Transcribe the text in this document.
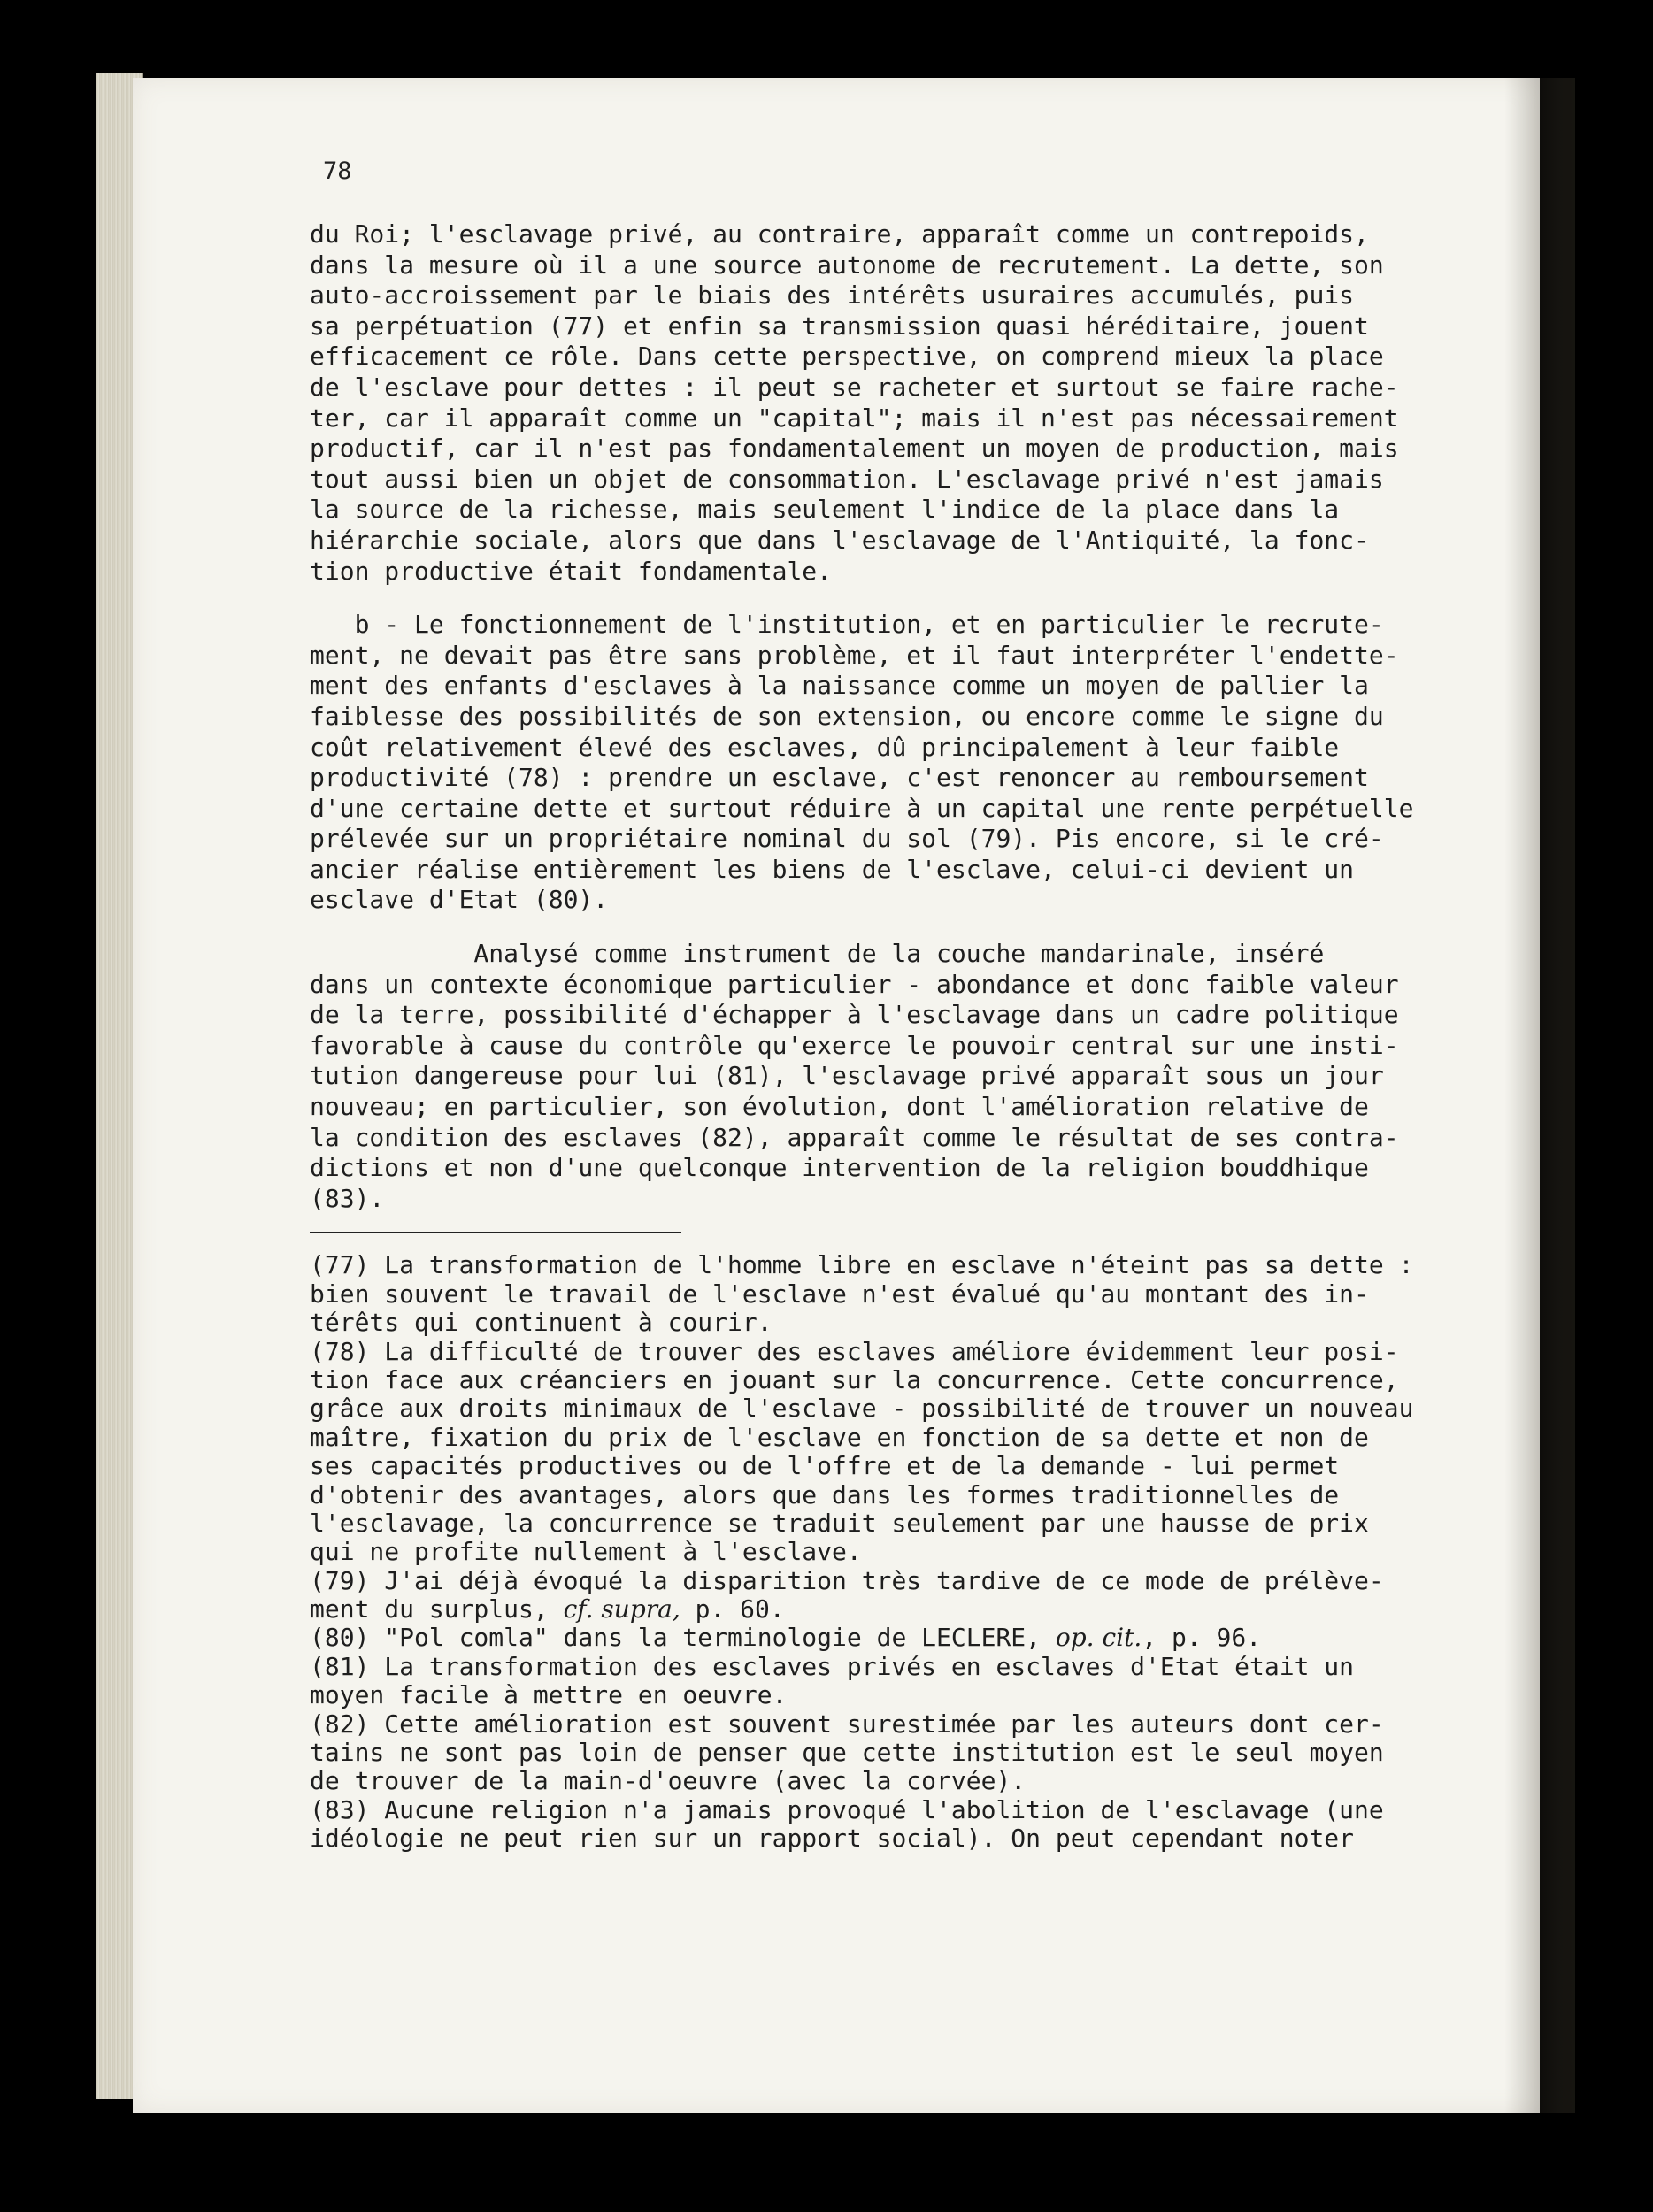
78
du Roi; l'esclavage privé, au contraire, apparaît comme un contrepoids,
dans la mesure où il a une source autonome de recrutement. La dette, son
auto-accroissement par le biais des intérêts usuraires accumulés, puis
sa perpétuation (77) et enfin sa transmission quasi héréditaire, jouent
efficacement ce rôle. Dans cette perspective, on comprend mieux la place
de l'esclave pour dettes : il peut se racheter et surtout se faire rache-
ter, car il apparaît comme un "capital"; mais il n'est pas nécessairement
productif, car il n'est pas fondamentalement un moyen de production, mais
tout aussi bien un objet de consommation. L'esclavage privé n'est jamais
la source de la richesse, mais seulement l'indice de la place dans la
hiérarchie sociale, alors que dans l'esclavage de l'Antiquité, la fonc-
tion productive était fondamentale.
b - Le fonctionnement de l'institution, et en particulier le recrute-
ment, ne devait pas être sans problème, et il faut interpréter l'endette-
ment des enfants d'esclaves à la naissance comme un moyen de pallier la
faiblesse des possibilités de son extension, ou encore comme le signe du
coût relativement élevé des esclaves, dû principalement à leur faible
productivité (78) : prendre un esclave, c'est renoncer au remboursement
d'une certaine dette et surtout réduire à un capital une rente perpétuelle
prélevée sur un propriétaire nominal du sol (79). Pis encore, si le cré-
ancier réalise entièrement les biens de l'esclave, celui-ci devient un
esclave d'Etat (80).
Analysé comme instrument de la couche mandarinale, inséré
dans un contexte économique particulier - abondance et donc faible valeur
de la terre, possibilité d'échapper à l'esclavage dans un cadre politique
favorable à cause du contrôle qu'exerce le pouvoir central sur une insti-
tution dangereuse pour lui (81), l'esclavage privé apparaît sous un jour
nouveau; en particulier, son évolution, dont l'amélioration relative de
la condition des esclaves (82), apparaît comme le résultat de ses contra-
dictions et non d'une quelconque intervention de la religion bouddhique
(83).
(77) La transformation de l'homme libre en esclave n'éteint pas sa dette :
bien souvent le travail de l'esclave n'est évalué qu'au montant des in-
térêts qui continuent à courir.
(78) La difficulté de trouver des esclaves améliore évidemment leur posi-
tion face aux créanciers en jouant sur la concurrence. Cette concurrence,
grâce aux droits minimaux de l'esclave - possibilité de trouver un nouveau
maître, fixation du prix de l'esclave en fonction de sa dette et non de
ses capacités productives ou de l'offre et de la demande - lui permet
d'obtenir des avantages, alors que dans les formes traditionnelles de
l'esclavage, la concurrence se traduit seulement par une hausse de prix
qui ne profite nullement à l'esclave.
(79) J'ai déjà évoqué la disparition très tardive de ce mode de prélève-
ment du surplus, cf. supra, p. 60.
(80) "Pol comla" dans la terminologie de LECLERE, op. cit., p. 96.
(81) La transformation des esclaves privés en esclaves d'Etat était un
moyen facile à mettre en oeuvre.
(82) Cette amélioration est souvent surestimée par les auteurs dont cer-
tains ne sont pas loin de penser que cette institution est le seul moyen
de trouver de la main-d'oeuvre (avec la corvée).
(83) Aucune religion n'a jamais provoqué l'abolition de l'esclavage (une
idéologie ne peut rien sur un rapport social). On peut cependant noter
